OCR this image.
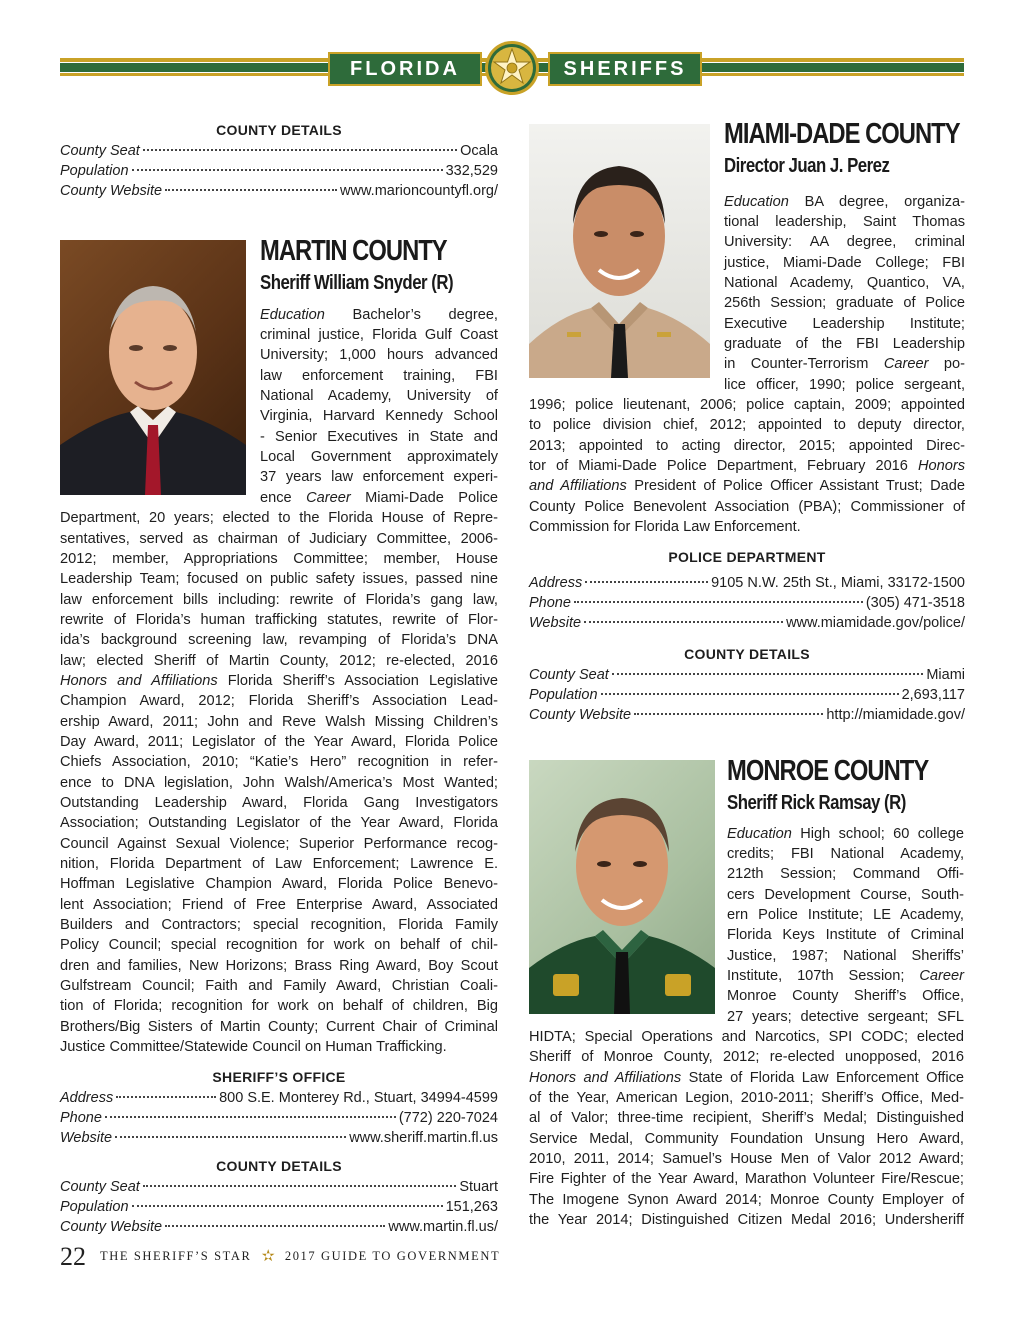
FLORIDA	SHERIFFS
COUNTY DETAILS
County Seat	Ocala
Population	332,529
County Website	www.marioncountyfl.org/
MARTIN COUNTY
Sheriff William Snyder (R)
Education Bachelor’s degree,
criminal justice, Florida Gulf Coast
University; 1,000 hours advanced
law enforcement training, FBI
National Academy, University of
Virginia, Harvard Kennedy School
- Senior Executives in State and
Local Government approximately
37 years law enforcement experi-
ence Career Miami-Dade Police
Department, 20 years; elected to the Florida House of Repre-
sentatives, served as chairman of Judiciary Committee, 2006-
2012; member, Appropriations Committee; member, House
Leadership Team; focused on public safety issues, passed nine
law enforcement bills including: rewrite of Florida’s gang law,
rewrite of Florida’s human trafficking statutes, rewrite of Flor-
ida’s background screening law, revamping of Florida’s DNA
law; elected Sheriff of Martin County, 2012; re-elected, 2016
Honors and Affiliations Florida Sheriff’s Association Legislative
Champion Award, 2012; Florida Sheriff’s Association Lead-
ership Award, 2011; John and Reve Walsh Missing Children’s
Day Award, 2011; Legislator of the Year Award, Florida Police
Chiefs Association, 2010; “Katie’s Hero” recognition in refer-
ence to DNA legislation, John Walsh/America’s Most Wanted;
Outstanding Leadership Award, Florida Gang Investigators
Association; Outstanding Legislator of the Year Award, Florida
Council Against Sexual Violence; Superior Performance recog-
nition, Florida Department of Law Enforcement; Lawrence E.
Hoffman Legislative Champion Award, Florida Police Benevo-
lent Association; Friend of Free Enterprise Award, Associated
Builders and Contractors; special recognition, Florida Family
Policy Council; special recognition for work on behalf of chil-
dren and families, New Horizons; Brass Ring Award, Boy Scout
Gulfstream Council; Faith and Family Award, Christian Coali-
tion of Florida; recognition for work on behalf of children, Big
Brothers/Big Sisters of Martin County; Current Chair of Criminal
Justice Committee/Statewide Council on Human Trafficking.
SHERIFF’S OFFICE
Address	800 S.E. Monterey Rd., Stuart, 34994-4599
Phone	(772) 220-7024
Website	www.sheriff.martin.fl.us
COUNTY DETAILS
County Seat	Stuart
Population	151,263
County Website	www.martin.fl.us/
22 $^{THE SHERIFF’S STAR}$ ✫ $^{2017 GUIDE TO GOVERNMENT}$
MIAMI-DADE COUNTY
Director Juan J. Perez
Education BA degree, organiza-
tional leadership, Saint Thomas
University: AA degree, criminal
justice, Miami-Dade College; FBI
National Academy, Quantico, VA,
256th Session; graduate of Police
Executive Leadership Institute;
graduate of the FBI Leadership
in Counter-Terrorism Career po-
lice officer, 1990; police sergeant,
1996; police lieutenant, 2006; police captain, 2009; appointed
to police division chief, 2012; appointed to deputy director,
2013; appointed to acting director, 2015; appointed Direc-
tor of Miami-Dade Police Department, February 2016 Honors
and Affiliations President of Police Officer Assistant Trust; Dade
County Police Benevolent Association (PBA); Commissioner of
Commission for Florida Law Enforcement.
POLICE DEPARTMENT
Address	9105 N.W. 25th St., Miami, 33172-1500
Phone	(305) 471-3518
Website	www.miamidade.gov/police/
COUNTY DETAILS
County Seat	Miami
Population	2,693,117
County Website	http://miamidade.gov/
MONROE COUNTY
Sheriff Rick Ramsay (R)
Education High school; 60 college
credits; FBI National Academy,
212th Session; Command Offi-
cers Development Course, South-
ern Police Institute; LE Academy,
Florida Keys Institute of Criminal
Justice, 1987; National Sheriffs’
Institute, 107th Session; Career
Monroe County Sheriff’s Office,
27 years; detective sergeant; SFL
HIDTA; Special Operations and Narcotics, SPI CODC; elected
Sheriff of Monroe County, 2012; re-elected unopposed, 2016
Honors and Affiliations State of Florida Law Enforcement Office
of the Year, American Legion, 2010-2011; Sheriff’s Office, Med-
al of Valor; three-time recipient, Sheriff’s Medal; Distinguished
Service Medal, Community Foundation Unsung Hero Award,
2010, 2011, 2014; Samuel’s House Men of Valor 2012 Award;
Fire Fighter of the Year Award, Marathon Volunteer Fire/Rescue;
The Imogene Synon Award 2014; Monroe County Employer of
the Year 2014; Distinguished Citizen Medal 2016; Undersheriff
